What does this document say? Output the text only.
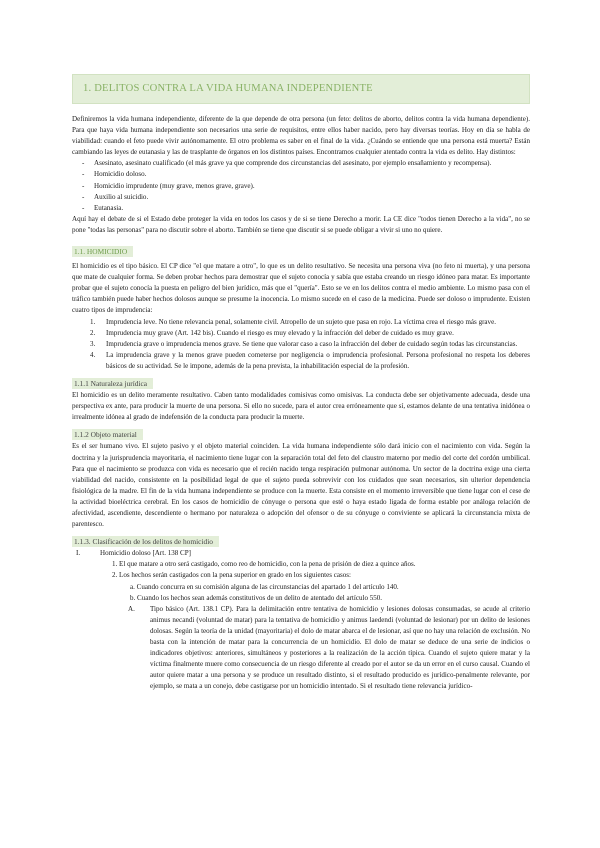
1. DELITOS CONTRA LA VIDA HUMANA INDEPENDIENTE

Definiremos la vida humana independiente, diferente de la que depende de otra persona (un feto: delitos de aborto, delitos contra la vida humana dependiente). Para que haya vida humana independiente son necesarios una serie de requisitos, entre ellos haber nacido, pero hay diversas teorías. Hoy en día se habla de viabilidad: cuando el feto puede vivir autónomamente. El otro problema es saber en el final de la vida. ¿Cuándo se entiende que una persona está muerta? Están cambiando las leyes de eutanasia y las de trasplante de órganos en los distintos países. Encontramos cualquier atentado contra la vida es delito. Hay distintos:

- Asesinato, asesinato cualificado (el más grave ya que comprende dos circunstancias del asesinato, por ejemplo ensañamiento y recompensa).

- Homicidio doloso.

- Homicidio imprudente (muy grave, menos grave, grave).

- Auxilio al suicidio.

- Eutanasia.

Aquí hay el debate de si el Estado debe proteger la vida en todos los casos y de si se tiene Derecho a morir. La CE dice "todos tienen Derecho a la vida", no se pone "todas las personas" para no discutir sobre el aborto. También se tiene que discutir si se puede obligar a vivir si uno no quiere.

1.1. HOMICIDIO

El homicidio es el tipo básico. El CP dice "el que matare a otro", lo que es un delito resultativo. Se necesita una persona viva (no feto ni muerta), y una persona que mate de cualquier forma. Se deben probar hechos para demostrar que el sujeto conocía y sabía que estaba creando un riesgo idóneo para matar. Es importante probar que el sujeto conocía la puesta en peligro del bien jurídico, más que el "quería". Esto se ve en los delitos contra el medio ambiente. Lo mismo pasa con el tráfico también puede haber hechos dolosos aunque se presume la inocencia. Lo mismo sucede en el caso de la medicina. Puede ser doloso o imprudente. Existen cuatro tipos de imprudencia:

1. Imprudencia leve. No tiene relevancia penal, solamente civil. Atropello de un sujeto que pasa en rojo. La víctima crea el riesgo más grave.

2. Imprudencia muy grave (Art. 142 bis). Cuando el riesgo es muy elevado y la infracción del deber de cuidado es muy grave.

3. Imprudencia grave o imprudencia menos grave. Se tiene que valorar caso a caso la infracción del deber de cuidado según todas las circunstancias.

4. La imprudencia grave y la menos grave pueden cometerse por negligencia o imprudencia profesional. Persona profesional no respeta los deberes básicos de su actividad. Se le impone, además de la pena prevista, la inhabilitación especial de la profesión.

1.1.1 Naturaleza jurídica

El homicidio es un delito meramente resultativo. Caben tanto modalidades comisivas como omisivas. La conducta debe ser objetivamente adecuada, desde una perspectiva ex ante, para producir la muerte de una persona. Si ello no sucede, para el autor crea erróneamente que sí, estamos delante de una tentativa inidónea o irrealmente idónea al grado de indefensión de la conducta para producir la muerte.

1.1.2 Objeto material

Es el ser humano vivo. El sujeto pasivo y el objeto material coinciden. La vida humana independiente sólo dará inicio con el nacimiento con vida. Según la doctrina y la jurisprudencia mayoritaria, el nacimiento tiene lugar con la separación total del feto del claustro materno por medio del corte del cordón umbilical. Para que el nacimiento se produzca con vida es necesario que el recién nacido tenga respiración pulmonar autónoma. Un sector de la doctrina exige una cierta viabilidad del nacido, consistente en la posibilidad legal de que el sujeto pueda sobrevivir con los cuidados que sean necesarios, sin ulterior dependencia fisiológica de la madre. El fin de la vida humana independiente se produce con la muerte. Esta consiste en el momento irreversible que tiene lugar con el cese de la actividad bioeléctrica cerebral. En los casos de homicidio de cónyuge o persona que esté o haya estado ligada de forma estable por análoga relación de afectividad, ascendiente, descendiente o hermano por naturaleza o adopción del ofensor o de su cónyuge o conviviente se aplicará la circunstancia mixta de parentesco.

1.1.3. Clasificación de los delitos de homicidio

I.	Homicidio doloso [Art. 138 CP]

1. El que matare a otro será castigado, como reo de homicidio, con la pena de prisión de diez a quince años.

2. Los hechos serán castigados con la pena superior en grado en los siguientes casos:

a. Cuando concurra en su comisión alguna de las circunstancias del apartado 1 del artículo 140.

b. Cuando los hechos sean además constitutivos de un delito de atentado del artículo 550.

A. Tipo básico (Art. 138.1 CP). Para la delimitación entre tentativa de homicidio y lesiones dolosas consumadas, se acude al criterio animus necandi (voluntad de matar) para la tentativa de homicidio y animus laedendi (voluntad de lesionar) por un delito de lesiones dolosas. Según la teoría de la unidad (mayoritaria) el dolo de matar abarca el de lesionar, así que no hay una relación de exclusión. No basta con la intención de matar para la concurrencia de un homicidio. El dolo de matar se deduce de una serie de indicios o indicadores objetivos: anteriores, simultáneos y posteriores a la realización de la acción típica. Cuando el sujeto quiere matar y la víctima finalmente muere como consecuencia de un riesgo diferente al creado por el autor se da un error en el curso causal. Cuando el autor quiere matar a una persona y se produce un resultado distinto, si el resultado producido es jurídico-penalmente relevante, por ejemplo, se mata a un conejo, debe castigarse por un homicidio intentado. Si el resultado tiene relevancia jurídico-
